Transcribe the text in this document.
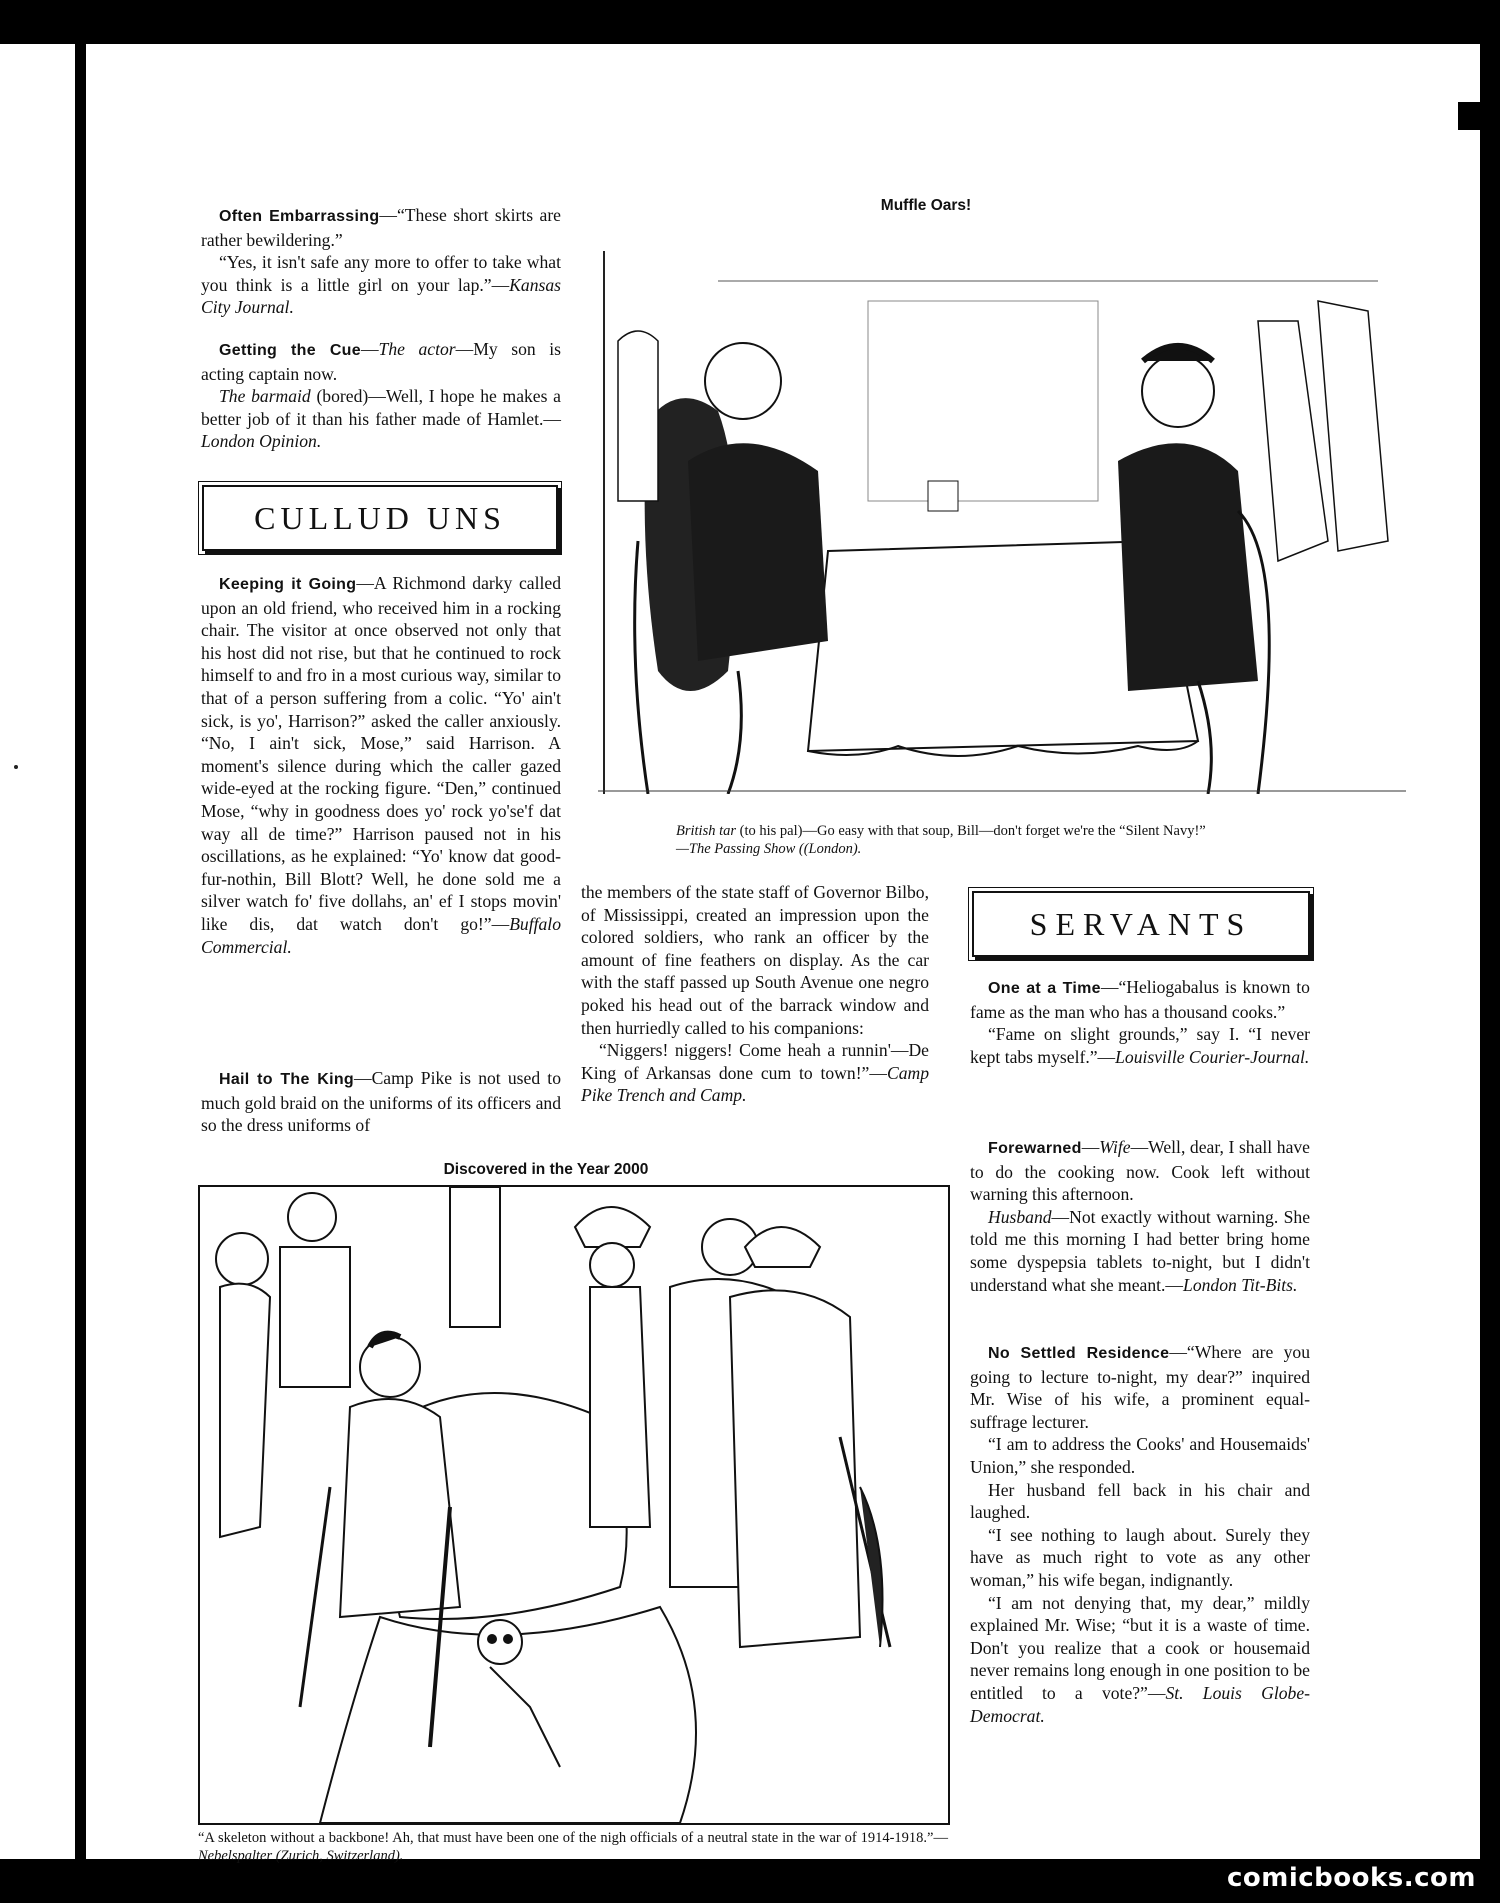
Often Embarrassing—“These short skirts are rather bewildering.”

“Yes, it isn't safe any more to offer to take what you think is a little girl on your lap.”—Kansas City Journal.

Getting the Cue—The actor—My son is acting captain now.

The barmaid (bored)—Well, I hope he makes a better job of it than his father made of Hamlet.—London Opinion.

CULLUD UNS

Keeping it Going—A Richmond darky called upon an old friend, who received him in a rocking chair. The visitor at once observed not only that his host did not rise, but that he continued to rock himself to and fro in a most curious way, similar to that of a person suffering from a colic. “Yo' ain't sick, is yo', Harrison?” asked the caller anxiously. “No, I ain't sick, Mose,” said Harrison. A moment's silence during which the caller gazed wide-eyed at the rocking figure. “Den,” continued Mose, “why in goodness does yo' rock yo'se'f dat way all de time?” Harrison paused not in his oscillations, as he explained: “Yo' know dat good-fur-nothin, Bill Blott? Well, he done sold me a silver watch fo' five dollahs, an' ef I stops movin' like dis, dat watch don't go!”—Buffalo Commercial.

Hail to The King—Camp Pike is not used to much gold braid on the uniforms of its officers and so the dress uniforms of

Muffle Oars!
British tar (to his pal)—Go easy with that soup, Bill—don't forget we're the “Silent Navy!”
—The Passing Show ((London).

the members of the state staff of Governor Bilbo, of Mississippi, created an impression upon the colored soldiers, who rank an officer by the amount of fine feathers on display. As the car with the staff passed up South Avenue one negro poked his head out of the barrack window and then hurriedly called to his companions:

“Niggers! niggers! Come heah a runnin'—De King of Arkansas done cum to town!”—Camp Pike Trench and Camp.

SERVANTS

One at a Time—“Heliogabalus is known to fame as the man who has a thousand cooks.”

“Fame on slight grounds,” say I. “I never kept tabs myself.”—Louisville Courier-Journal.

Forewarned—Wife—Well, dear, I shall have to do the cooking now. Cook left without warning this afternoon.

Husband—Not exactly without warning. She told me this morning I had better bring home some dyspepsia tablets to-night, but I didn't understand what she meant.—London Tit-Bits.

No Settled Residence—“Where are you going to lecture to-night, my dear?” inquired Mr. Wise of his wife, a prominent equal-suffrage lecturer.

“I am to address the Cooks' and Housemaids' Union,” she responded.

Her husband fell back in his chair and laughed.

“I see nothing to laugh about. Surely they have as much right to vote as any other woman,” his wife began, indignantly.

“I am not denying that, my dear,” mildly explained Mr. Wise; “but it is a waste of time. Don't you realize that a cook or housemaid never remains long enough in one position to be entitled to a vote?”—St. Louis Globe-Democrat.

Discovered in the Year 2000
“A skeleton without a backbone! Ah, that must have been one of the nigh officials of a neutral state in the war of 1914-1918.”—Nebelspalter (Zurich, Switzerland).
comicbooks.com
